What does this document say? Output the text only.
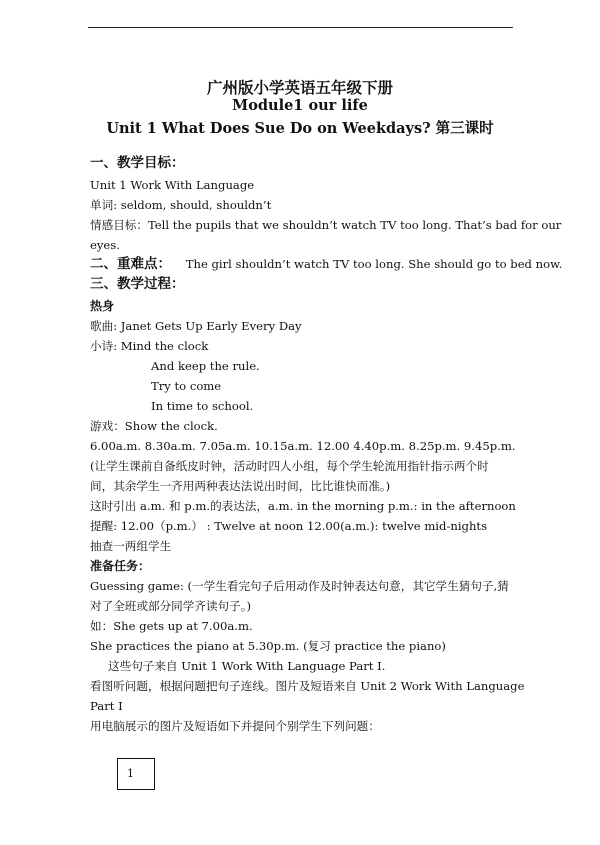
广州版小学英语五年级下册
Module1 our life
Unit 1 What Does Sue Do on Weekdays? 第三课时
一、教学目标：
Unit 1 Work With Language
单词: seldom, should, shouldn’t
情感目标：Tell the pupils that we shouldn’t watch TV too long. That’s bad for our
eyes.
二、重难点： The girl shouldn’t watch TV too long. She should go to bed now.
三、教学过程：
热身
歌曲: Janet Gets Up Early Every Day
小诗: Mind the clock
And keep the rule.
Try to come
In time to school.
游戏：Show the clock.
6.00a.m. 8.30a.m. 7.05a.m. 10.15a.m. 12.00 4.40p.m. 8.25p.m. 9.45p.m.
(让学生课前自备纸皮时钟，活动时四人小组，每个学生轮流用指针指示两个时
间，其余学生一齐用两种表达法说出时间，比比谁快而准。)
这时引出 a.m. 和 p.m.的表达法，a.m. in the morning p.m.: in the afternoon
提醒: 12.00（p.m.） : Twelve at noon 12.00(a.m.): twelve mid-nights
抽查一两组学生
准备任务：
Guessing game: (一学生看完句子后用动作及时钟表达句意，其它学生猜句子,猜
对了全班或部分同学齐读句子。)
如：She gets up at 7.00a.m.
She practices the piano at 5.30p.m. (复习 practice the piano)
这些句子来自 Unit 1 Work With Language Part I.
看图听问题，根据问题把句子连线。图片及短语来自 Unit 2 Work With Language
Part I
用电脑展示的图片及短语如下并提问个别学生下列问题：
1
